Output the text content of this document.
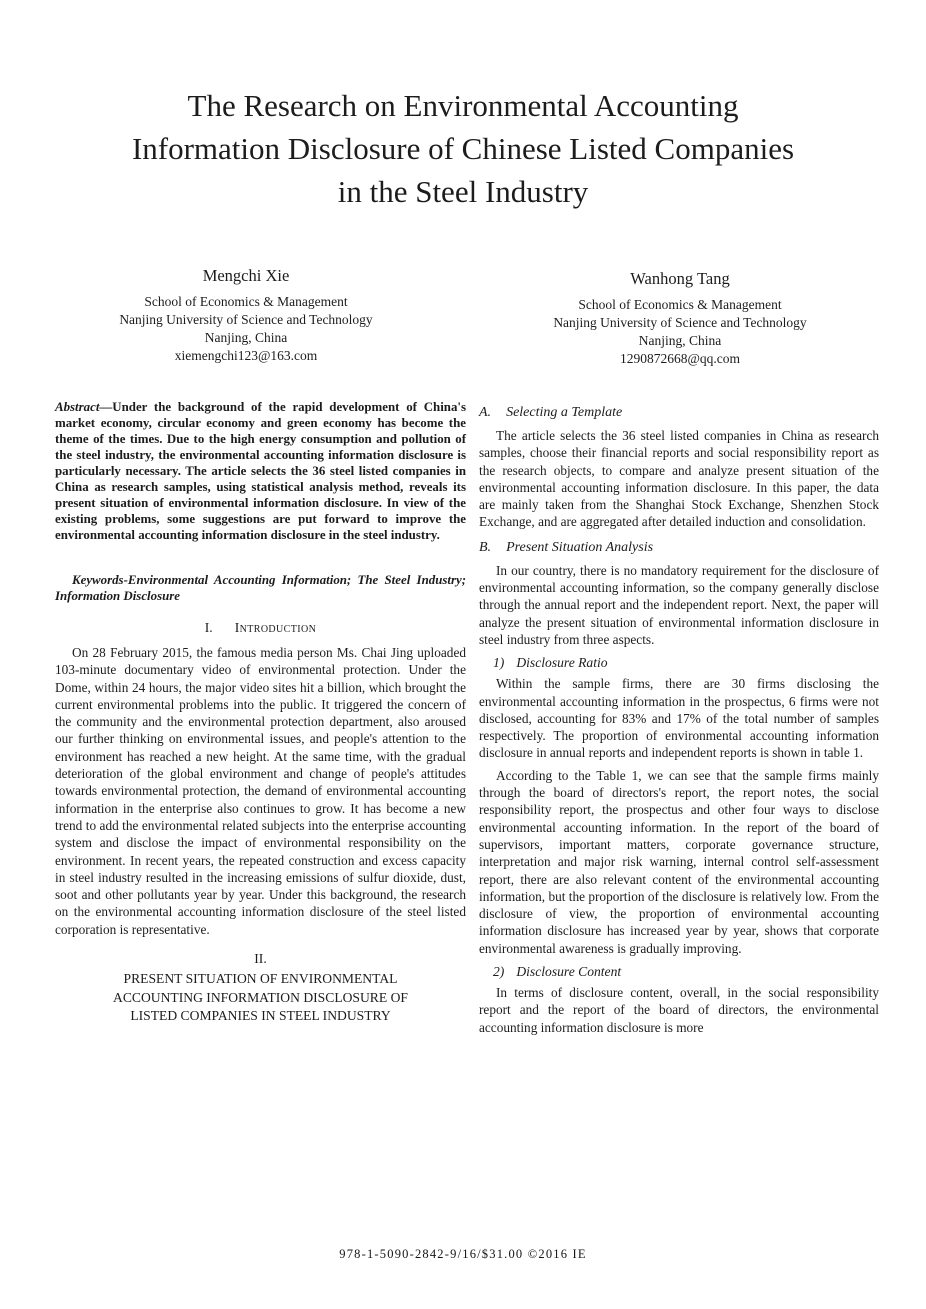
The Research on Environmental Accounting
Information Disclosure of Chinese Listed Companies
in the Steel Industry
Mengchi Xie
School of Economics & Management
Nanjing University of Science and Technology
Nanjing, China
xiemengchi123@163.com
Wanhong Tang
School of Economics & Management
Nanjing University of Science and Technology
Nanjing, China
1290872668@qq.com

Abstract—Under the background of the rapid development of China's market economy, circular economy and green economy has become the theme of the times. Due to the high energy consumption and pollution of the steel industry, the environmental accounting information disclosure is particularly necessary. The article selects the 36 steel listed companies in China as research samples, using statistical analysis method, reveals its present situation of environmental information disclosure. In view of the existing problems, some suggestions are put forward to improve the environmental accounting information disclosure in the steel industry.

Keywords-Environmental Accounting Information; The Steel Industry; Information Disclosure

I. Introduction

On 28 February 2015, the famous media person Ms. Chai Jing uploaded 103-minute documentary video of environmental protection. Under the Dome, within 24 hours, the major video sites hit a billion, which brought the current environmental problems into the public. It triggered the concern of the community and the environmental protection department, also aroused our further thinking on environmental issues, and people's attention to the environment has reached a new height. At the same time, with the gradual deterioration of the global environment and change of people's attitudes towards environmental protection, the demand of environmental accounting information in the enterprise also continues to grow. It has become a new trend to add the environmental related subjects into the enterprise accounting system and disclose the impact of environmental responsibility on the environment. In recent years, the repeated construction and excess capacity in steel industry resulted in the increasing emissions of sulfur dioxide, dust, soot and other pollutants year by year. Under this background, the research on the environmental accounting information disclosure of the steel listed corporation is representative.

II.
PRESENT SITUATION OF ENVIRONMENTAL
ACCOUNTING INFORMATION DISCLOSURE OF
LISTED COMPANIES IN STEEL INDUSTRY
A. Selecting a Template

The article selects the 36 steel listed companies in China as research samples, choose their financial reports and social responsibility report as the research objects, to compare and analyze present situation of the environmental accounting information disclosure. In this paper, the data are mainly taken from the Shanghai Stock Exchange, Shenzhen Stock Exchange, and are aggregated after detailed induction and consolidation.

B. Present Situation Analysis

In our country, there is no mandatory requirement for the disclosure of environmental accounting information, so the company generally disclose through the annual report and the independent report. Next, the paper will analyze the present situation of environmental information disclosure in steel industry from three aspects.

1) Disclosure Ratio

Within the sample firms, there are 30 firms disclosing the environmental accounting information in the prospectus, 6 firms were not disclosed, accounting for 83% and 17% of the total number of samples respectively. The proportion of environmental accounting information disclosure in annual reports and independent reports is shown in table 1.

According to the Table 1, we can see that the sample firms mainly through the board of directors's report, the report notes, the social responsibility report, the prospectus and other four ways to disclose environmental accounting information. In the report of the board of supervisors, important matters, corporate governance structure, interpretation and major risk warning, internal control self-assessment report, there are also relevant content of the environmental accounting information, but the proportion of the disclosure is relatively low. From the disclosure of view, the proportion of environmental accounting information disclosure has increased year by year, shows that corporate environmental awareness is gradually improving.

2) Disclosure Content

In terms of disclosure content, overall, in the social responsibility report and the report of the board of directors, the environmental accounting information disclosure is more

978-1-5090-2842-9/16/$31.00 ©2016 IE
